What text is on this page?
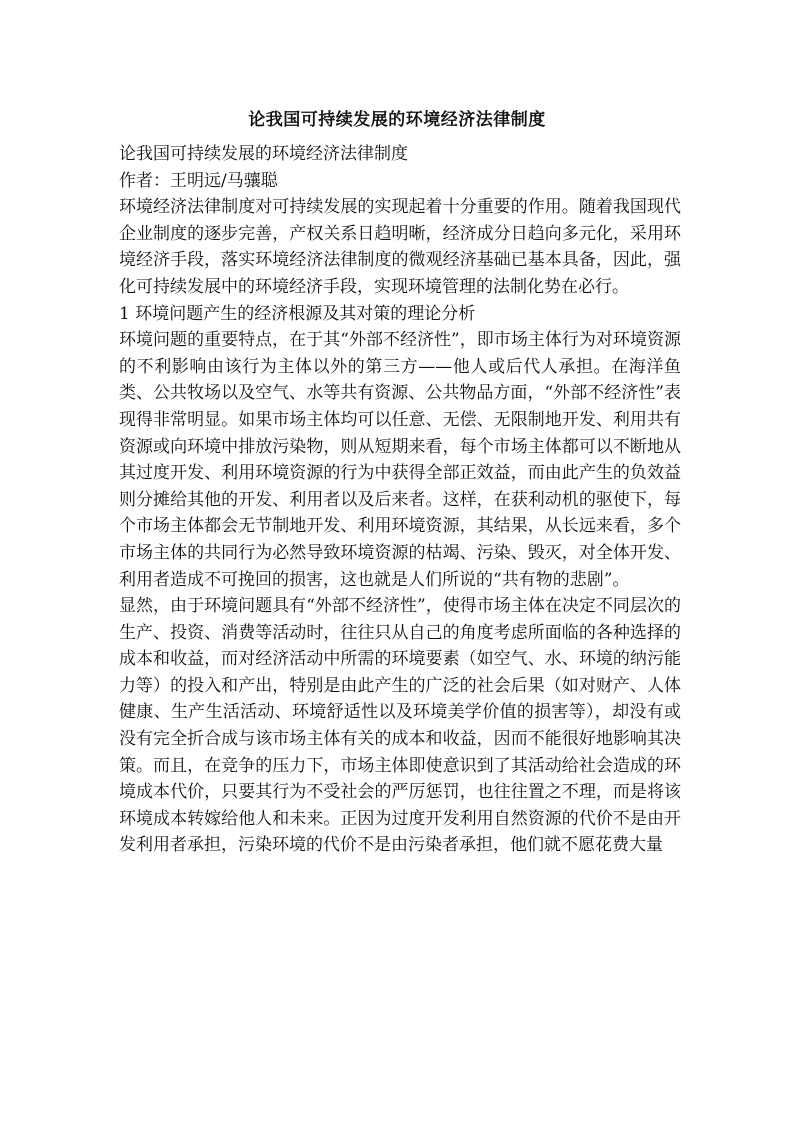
论我国可持续发展的环境经济法律制度

论我国可持续发展的环境经济法律制度

作者：王明远/马骧聪

环境经济法律制度对可持续发展的实现起着十分重要的作用。随着我国现代企业制度的逐步完善，产权关系日趋明晰，经济成分日趋向多元化，采用环境经济手段，落实环境经济法律制度的微观经济基础已基本具备，因此，强化可持续发展中的环境经济手段，实现环境管理的法制化势在必行。

1 环境问题产生的经济根源及其对策的理论分析

环境问题的重要特点，在于其“外部不经济性”，即市场主体行为对环境资源的不利影响由该行为主体以外的第三方——他人或后代人承担。在海洋鱼类、公共牧场以及空气、水等共有资源、公共物品方面，“外部不经济性”表现得非常明显。如果市场主体均可以任意、无偿、无限制地开发、利用共有资源或向环境中排放污染物，则从短期来看，每个市场主体都可以不断地从其过度开发、利用环境资源的行为中获得全部正效益，而由此产生的负效益则分摊给其他的开发、利用者以及后来者。这样，在获利动机的驱使下，每个市场主体都会无节制地开发、利用环境资源，其结果，从长远来看，多个市场主体的共同行为必然导致环境资源的枯竭、污染、毁灭，对全体开发、利用者造成不可挽回的损害，这也就是人们所说的“共有物的悲剧”。

显然，由于环境问题具有“外部不经济性”，使得市场主体在决定不同层次的生产、投资、消费等活动时，往往只从自己的角度考虑所面临的各种选择的成本和收益，而对经济活动中所需的环境要素（如空气、水、环境的纳污能力等）的投入和产出，特别是由此产生的广泛的社会后果（如对财产、人体健康、生产生活活动、环境舒适性以及环境美学价值的损害等），却没有或没有完全折合成与该市场主体有关的成本和收益，因而不能很好地影响其决策。而且，在竞争的压力下，市场主体即使意识到了其活动给社会造成的环境成本代价，只要其行为不受社会的严厉惩罚，也往往置之不理，而是将该环境成本转嫁给他人和未来。正因为过度开发利用自然资源的代价不是由开发利用者承担，污染环境的代价不是由污染者承担，他们就不愿花费大量
